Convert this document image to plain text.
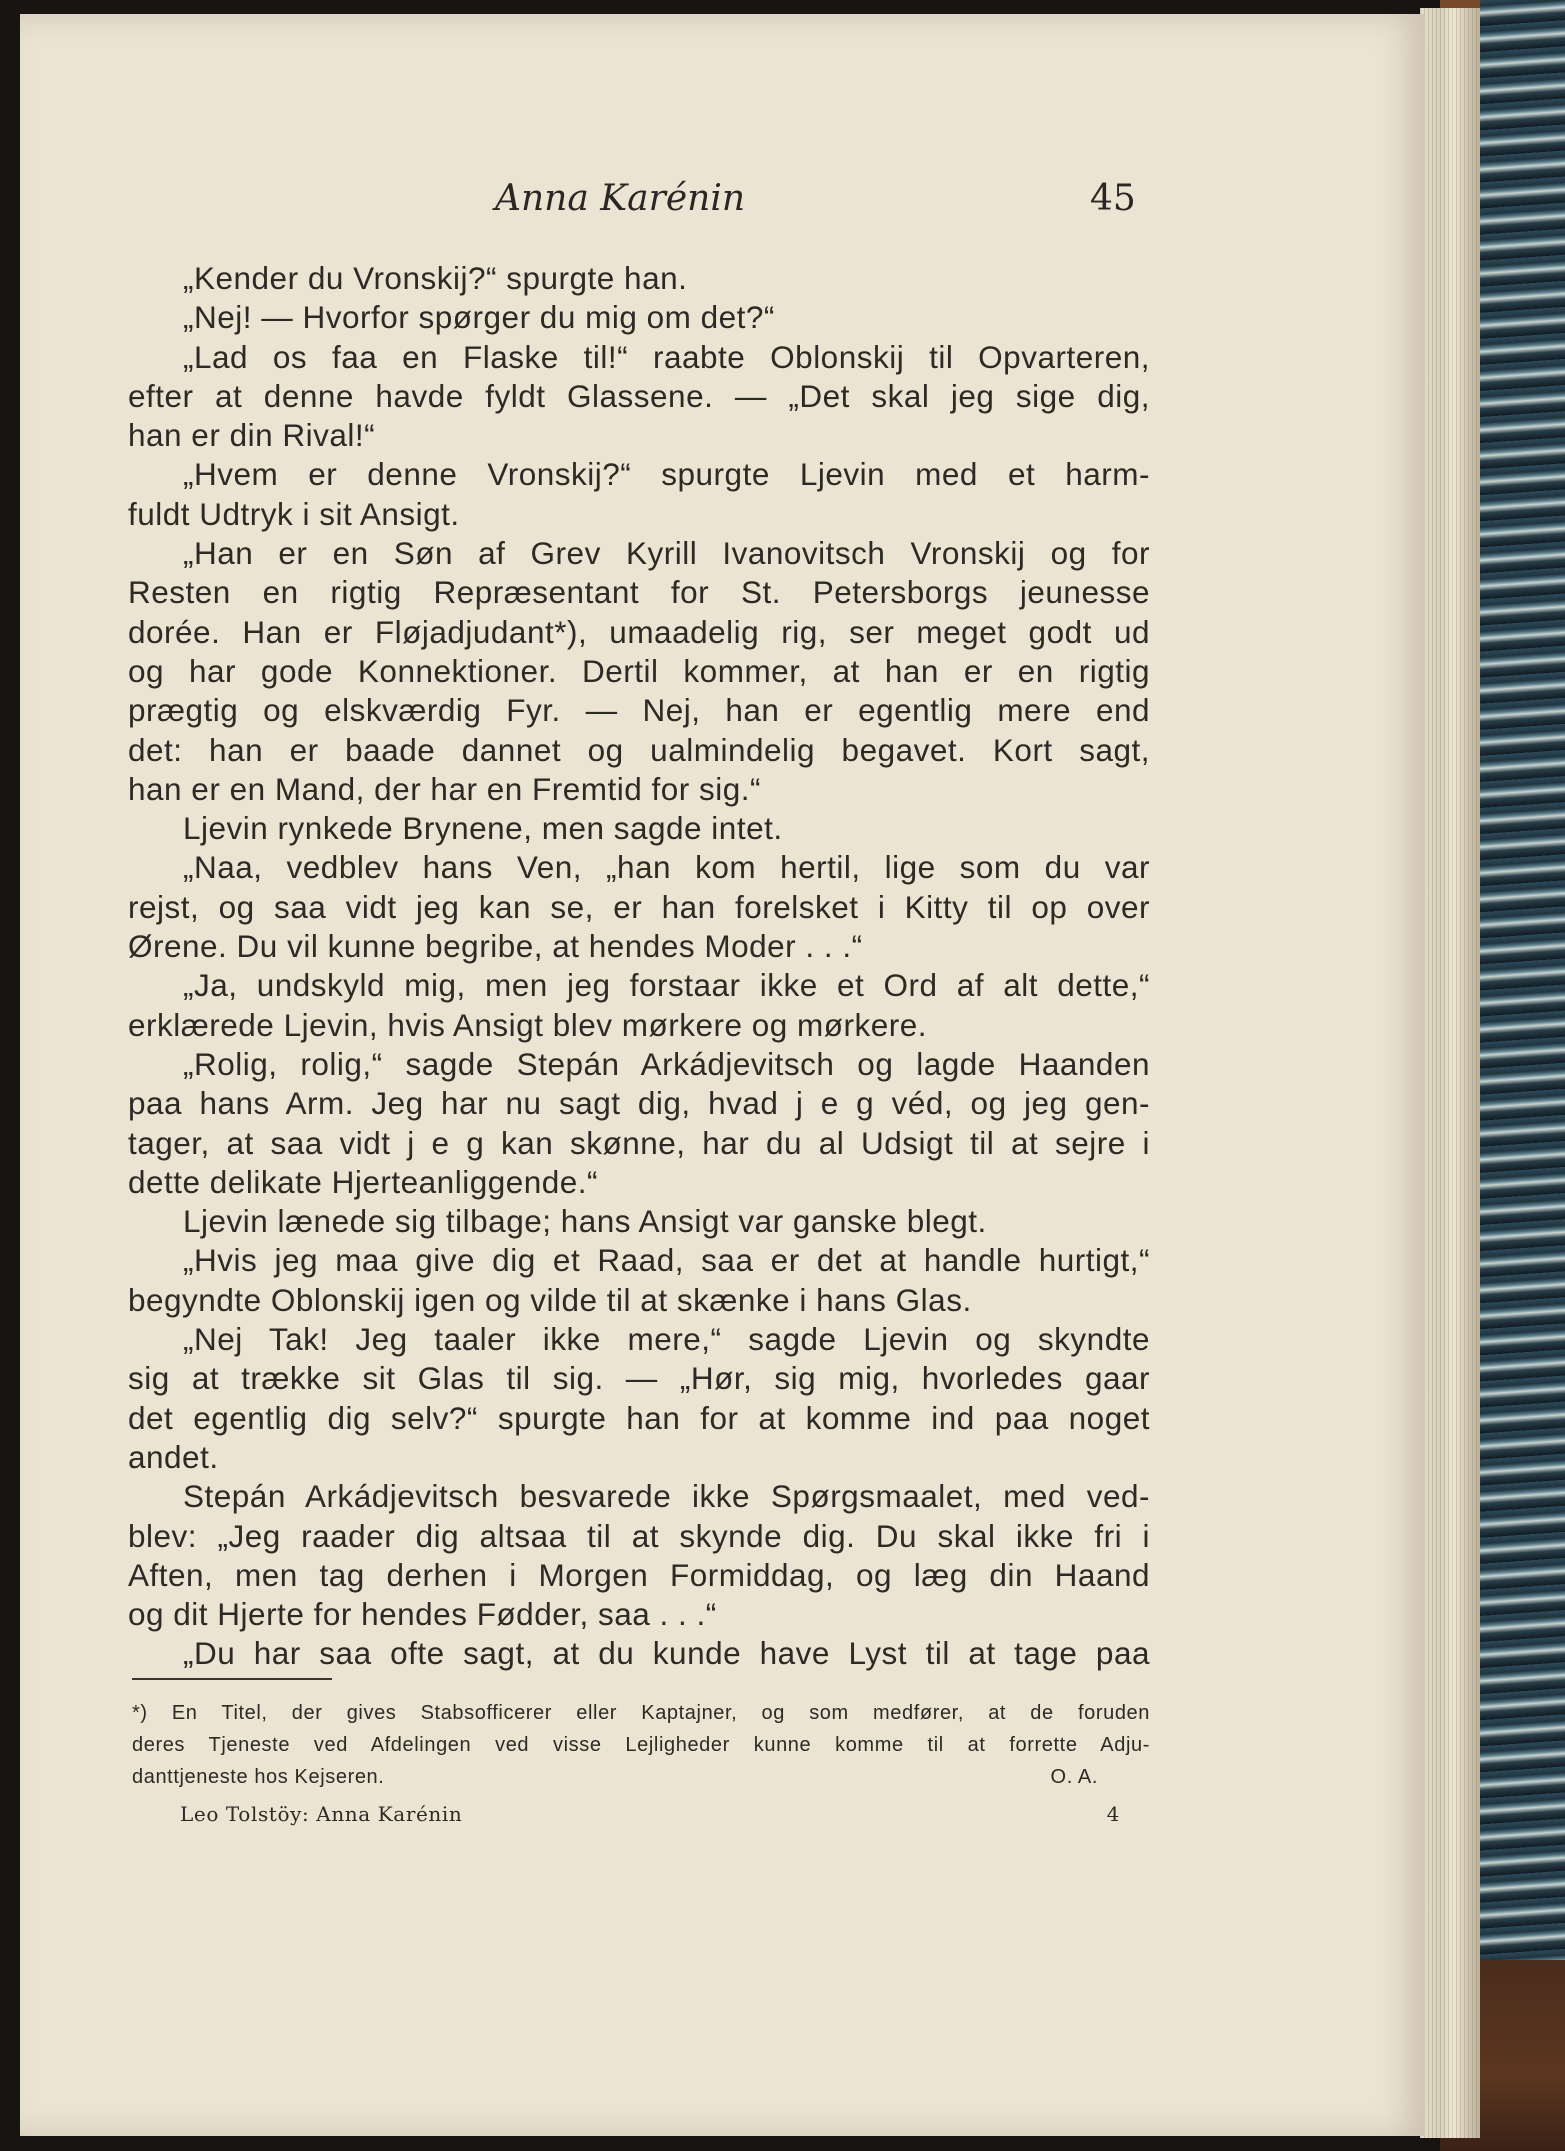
Anna Karénin	45
„Kender du Vronskij?“ spurgte han.
„Nej! — Hvorfor spørger du mig om det?“
„Lad os faa en Flaske til!“ raabte Oblonskij til Opvarteren,
efter at denne havde fyldt Glassene. — „Det skal jeg sige dig,
han er din Rival!“
„Hvem er denne Vronskij?“ spurgte Ljevin med et harm-
fuldt Udtryk i sit Ansigt.
„Han er en Søn af Grev Kyrill Ivanovitsch Vronskij og for
Resten en rigtig Repræsentant for St. Petersborgs jeunesse
dorée. Han er Fløjadjudant*), umaadelig rig, ser meget godt ud
og har gode Konnektioner. Dertil kommer, at han er en rigtig
prægtig og elskværdig Fyr. — Nej, han er egentlig mere end
det: han er baade dannet og ualmindelig begavet. Kort sagt,
han er en Mand, der har en Fremtid for sig.“
Ljevin rynkede Brynene, men sagde intet.
„Naa, vedblev hans Ven, „han kom hertil, lige som du var
rejst, og saa vidt jeg kan se, er han forelsket i Kitty til op over
Ørene. Du vil kunne begribe, at hendes Moder . . .“
„Ja, undskyld mig, men jeg forstaar ikke et Ord af alt dette,“
erklærede Ljevin, hvis Ansigt blev mørkere og mørkere.
„Rolig, rolig,“ sagde Stepán Arkádjevitsch og lagde Haanden
paa hans Arm. Jeg har nu sagt dig, hvad j e g véd, og jeg gen-
tager, at saa vidt j e g kan skønne, har du al Udsigt til at sejre i
dette delikate Hjerteanliggende.“
Ljevin lænede sig tilbage; hans Ansigt var ganske blegt.
„Hvis jeg maa give dig et Raad, saa er det at handle hurtigt,“
begyndte Oblonskij igen og vilde til at skænke i hans Glas.
„Nej Tak! Jeg taaler ikke mere,“ sagde Ljevin og skyndte
sig at trække sit Glas til sig. — „Hør, sig mig, hvorledes gaar
det egentlig dig selv?“ spurgte han for at komme ind paa noget
andet.
Stepán Arkádjevitsch besvarede ikke Spørgsmaalet, med ved-
blev: „Jeg raader dig altsaa til at skynde dig. Du skal ikke fri i
Aften, men tag derhen i Morgen Formiddag, og læg din Haand
og dit Hjerte for hendes Fødder, saa . . .“
„Du har saa ofte sagt, at du kunde have Lyst til at tage paa
*) En Titel, der gives Stabsofficerer eller Kaptajner, og som medfører, at de foruden
deres Tjeneste ved Afdelingen ved visse Lejligheder kunne komme til at forrette Adju-
danttjeneste hos Kejseren.	O. A.
Leo Tolstöy: Anna Karénin	4
